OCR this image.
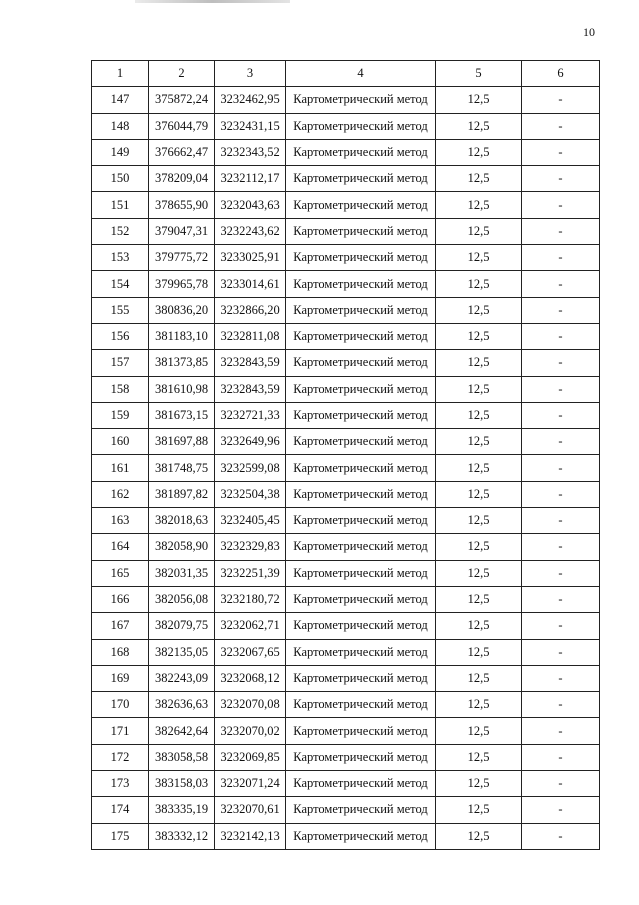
10
1	2	3	4	5	6
147	375872,24	3232462,95	Картометрический метод	12,5	-
148	376044,79	3232431,15	Картометрический метод	12,5	-
149	376662,47	3232343,52	Картометрический метод	12,5	-
150	378209,04	3232112,17	Картометрический метод	12,5	-
151	378655,90	3232043,63	Картометрический метод	12,5	-
152	379047,31	3232243,62	Картометрический метод	12,5	-
153	379775,72	3233025,91	Картометрический метод	12,5	-
154	379965,78	3233014,61	Картометрический метод	12,5	-
155	380836,20	3232866,20	Картометрический метод	12,5	-
156	381183,10	3232811,08	Картометрический метод	12,5	-
157	381373,85	3232843,59	Картометрический метод	12,5	-
158	381610,98	3232843,59	Картометрический метод	12,5	-
159	381673,15	3232721,33	Картометрический метод	12,5	-
160	381697,88	3232649,96	Картометрический метод	12,5	-
161	381748,75	3232599,08	Картометрический метод	12,5	-
162	381897,82	3232504,38	Картометрический метод	12,5	-
163	382018,63	3232405,45	Картометрический метод	12,5	-
164	382058,90	3232329,83	Картометрический метод	12,5	-
165	382031,35	3232251,39	Картометрический метод	12,5	-
166	382056,08	3232180,72	Картометрический метод	12,5	-
167	382079,75	3232062,71	Картометрический метод	12,5	-
168	382135,05	3232067,65	Картометрический метод	12,5	-
169	382243,09	3232068,12	Картометрический метод	12,5	-
170	382636,63	3232070,08	Картометрический метод	12,5	-
171	382642,64	3232070,02	Картометрический метод	12,5	-
172	383058,58	3232069,85	Картометрический метод	12,5	-
173	383158,03	3232071,24	Картометрический метод	12,5	-
174	383335,19	3232070,61	Картометрический метод	12,5	-
175	383332,12	3232142,13	Картометрический метод	12,5	-
